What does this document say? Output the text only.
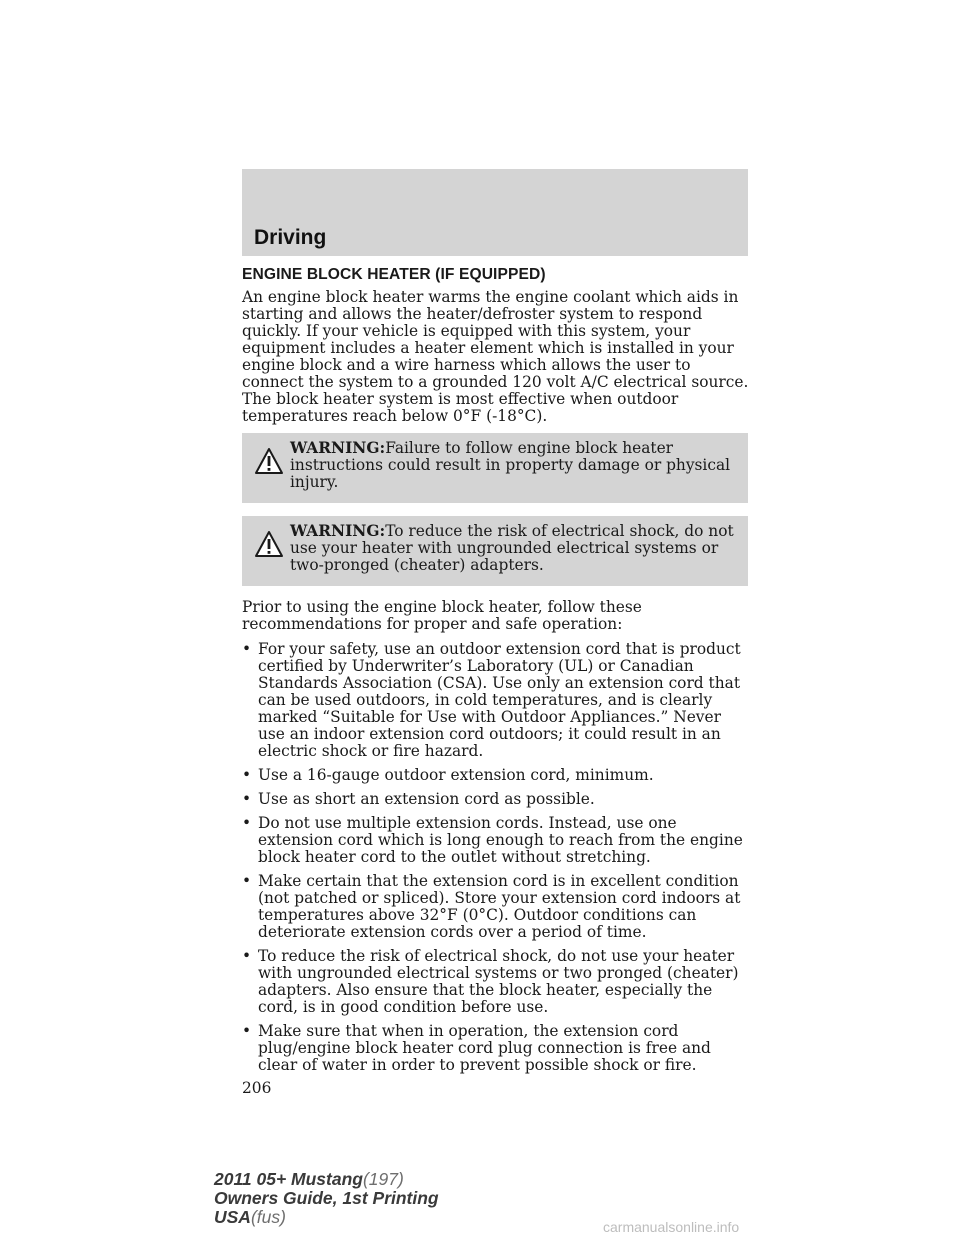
Driving
ENGINE BLOCK HEATER (IF EQUIPPED)

An engine block heater warms the engine coolant which aids in starting and allows the heater/defroster system to respond quickly. If your vehicle is equipped with this system, your equipment includes a heater element which is installed in your engine block and a wire harness which allows the user to connect the system to a grounded 120 volt A/C electrical source. The block heater system is most effective when outdoor temperatures reach below 0°F (-18°C).

WARNING:Failure to follow engine block heater instructions could result in property damage or physical injury.
WARNING:To reduce the risk of electrical shock, do not use your heater with ungrounded electrical systems or two-pronged (cheater) adapters.

Prior to using the engine block heater, follow these recommendations for proper and safe operation:

• For your safety, use an outdoor extension cord that is product certified by Underwriter’s Laboratory (UL) or Canadian Standards Association (CSA). Use only an extension cord that can be used outdoors, in cold temperatures, and is clearly marked “Suitable for Use with Outdoor Appliances.” Never use an indoor extension cord outdoors; it could result in an electric shock or fire hazard.
• Use a 16-gauge outdoor extension cord, minimum.
• Use as short an extension cord as possible.
• Do not use multiple extension cords. Instead, use one extension cord which is long enough to reach from the engine block heater cord to the outlet without stretching.
• Make certain that the extension cord is in excellent condition (not patched or spliced). Store your extension cord indoors at temperatures above 32°F (0°C). Outdoor conditions can deteriorate extension cords over a period of time.
• To reduce the risk of electrical shock, do not use your heater with ungrounded electrical systems or two pronged (cheater) adapters. Also ensure that the block heater, especially the cord, is in good condition before use.
• Make sure that when in operation, the extension cord plug/engine block heater cord plug connection is free and clear of water in order to prevent possible shock or fire.
206
2011 05+ Mustang(197)
Owners Guide, 1st Printing
USA(fus)	carmanualsonline.info
